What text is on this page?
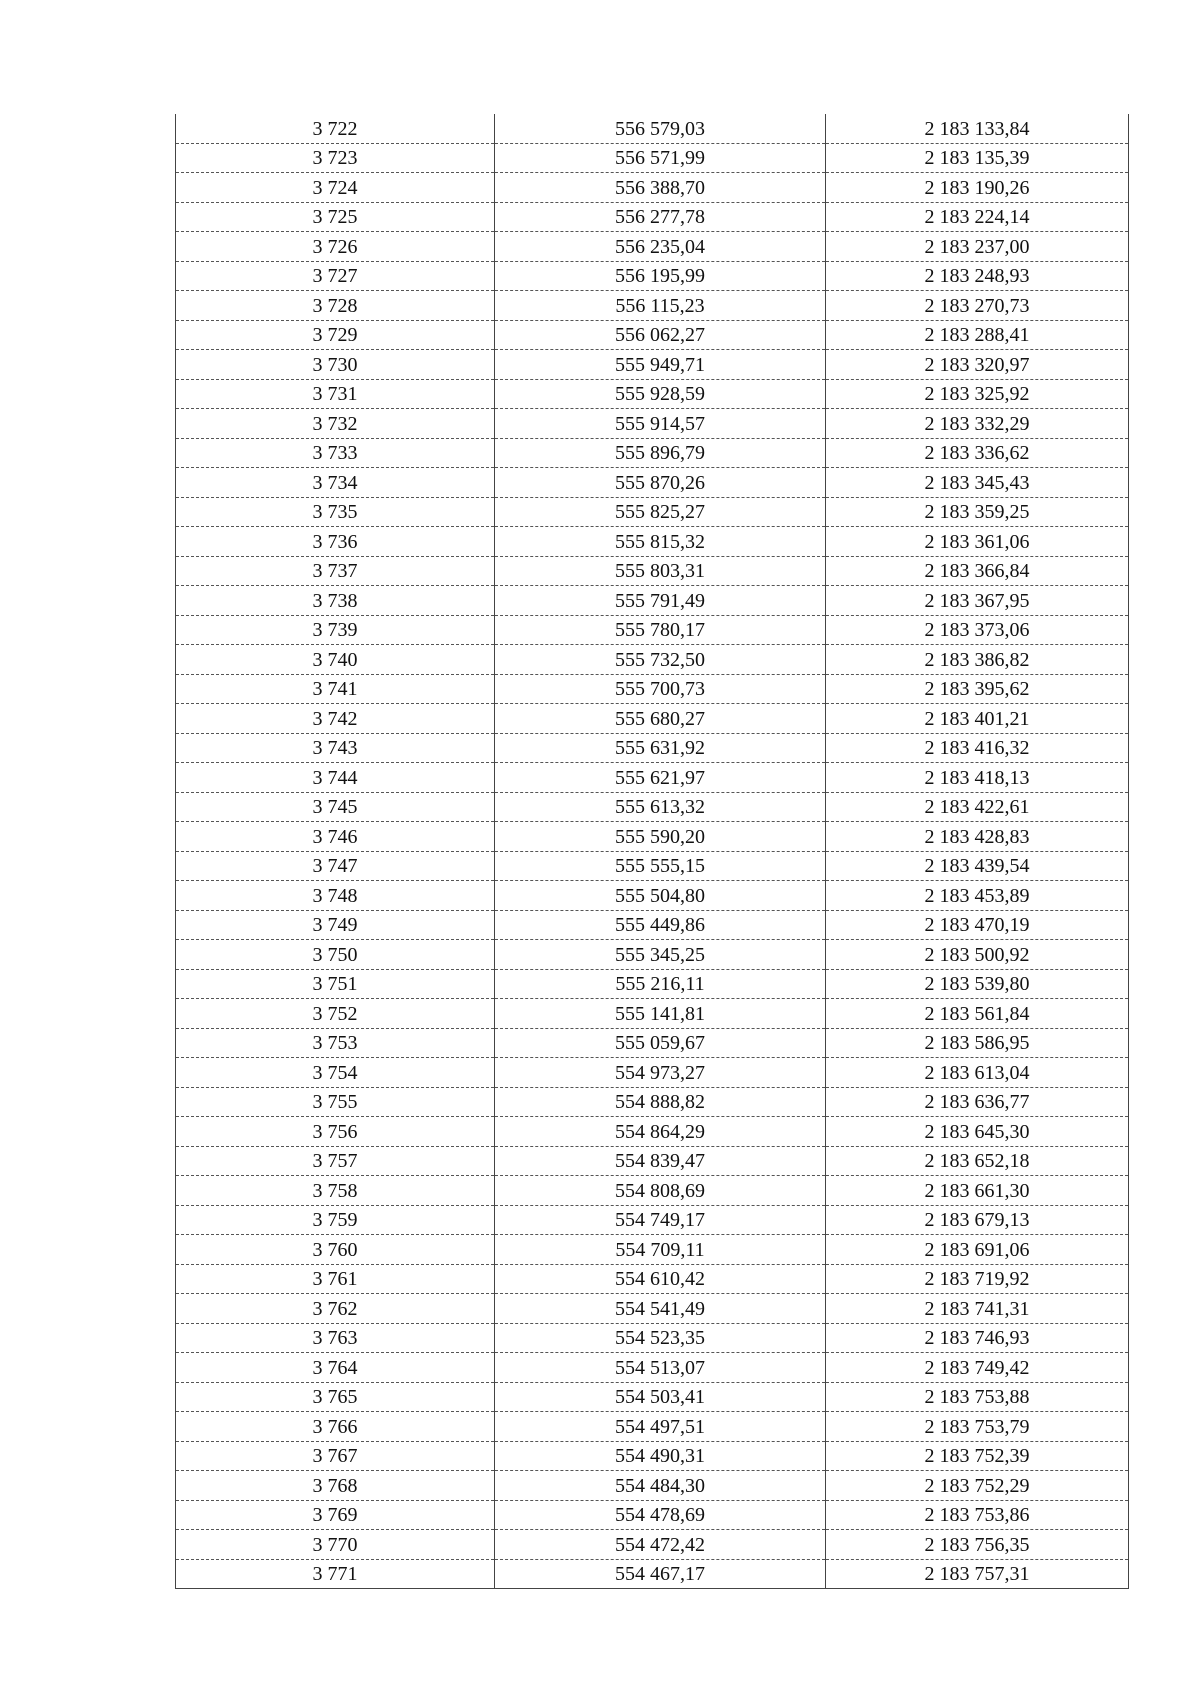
3 722	556 579,03	2 183 133,84
3 723	556 571,99	2 183 135,39
3 724	556 388,70	2 183 190,26
3 725	556 277,78	2 183 224,14
3 726	556 235,04	2 183 237,00
3 727	556 195,99	2 183 248,93
3 728	556 115,23	2 183 270,73
3 729	556 062,27	2 183 288,41
3 730	555 949,71	2 183 320,97
3 731	555 928,59	2 183 325,92
3 732	555 914,57	2 183 332,29
3 733	555 896,79	2 183 336,62
3 734	555 870,26	2 183 345,43
3 735	555 825,27	2 183 359,25
3 736	555 815,32	2 183 361,06
3 737	555 803,31	2 183 366,84
3 738	555 791,49	2 183 367,95
3 739	555 780,17	2 183 373,06
3 740	555 732,50	2 183 386,82
3 741	555 700,73	2 183 395,62
3 742	555 680,27	2 183 401,21
3 743	555 631,92	2 183 416,32
3 744	555 621,97	2 183 418,13
3 745	555 613,32	2 183 422,61
3 746	555 590,20	2 183 428,83
3 747	555 555,15	2 183 439,54
3 748	555 504,80	2 183 453,89
3 749	555 449,86	2 183 470,19
3 750	555 345,25	2 183 500,92
3 751	555 216,11	2 183 539,80
3 752	555 141,81	2 183 561,84
3 753	555 059,67	2 183 586,95
3 754	554 973,27	2 183 613,04
3 755	554 888,82	2 183 636,77
3 756	554 864,29	2 183 645,30
3 757	554 839,47	2 183 652,18
3 758	554 808,69	2 183 661,30
3 759	554 749,17	2 183 679,13
3 760	554 709,11	2 183 691,06
3 761	554 610,42	2 183 719,92
3 762	554 541,49	2 183 741,31
3 763	554 523,35	2 183 746,93
3 764	554 513,07	2 183 749,42
3 765	554 503,41	2 183 753,88
3 766	554 497,51	2 183 753,79
3 767	554 490,31	2 183 752,39
3 768	554 484,30	2 183 752,29
3 769	554 478,69	2 183 753,86
3 770	554 472,42	2 183 756,35
3 771	554 467,17	2 183 757,31
